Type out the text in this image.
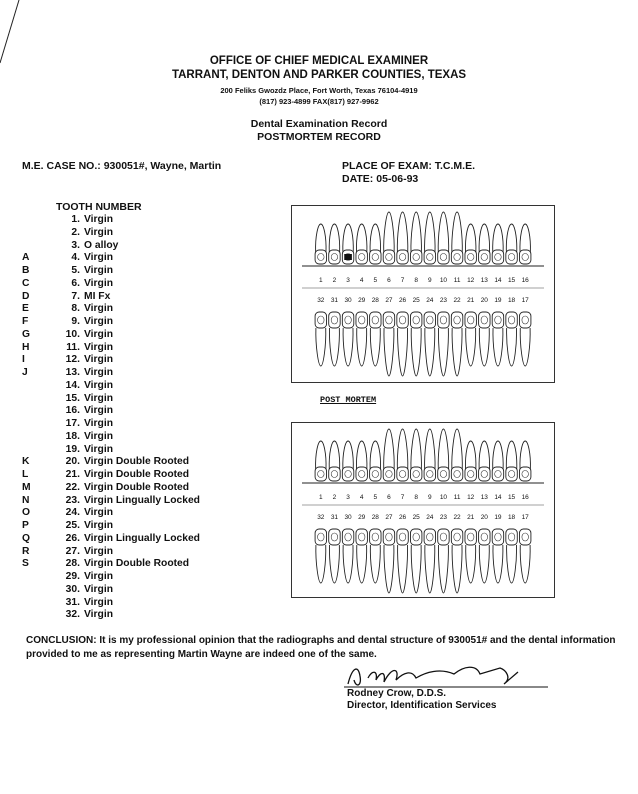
OFFICE OF CHIEF MEDICAL EXAMINER
TARRANT, DENTON AND PARKER COUNTIES, TEXAS
200 Feliks Gwozdz Place, Fort Worth, Texas 76104-4919
(817) 923-4899 FAX(817) 927-9962
Dental Examination Record
POSTMORTEM RECORD
M.E. CASE NO.: 930051#, Wayne, Martin	PLACE OF EXAM: T.C.M.E.
DATE: 05-06-93
TOOTH NUMBER
1. Virgin
2. Virgin
3. O alloy
A	4. Virgin
B	5. Virgin
C	6. Virgin
D	7. MI Fx
E	8. Virgin
F	9. Virgin
G	10. Virgin
H	11. Virgin
I	12. Virgin
J	13. Virgin
14. Virgin
15. Virgin
16. Virgin
17. Virgin
18. Virgin
19. Virgin
K	20. Virgin Double Rooted
L	21. Virgin Double Rooted
M	22. Virgin Double Rooted
N	23. Virgin Lingually Locked
O	24. Virgin
P	25. Virgin
Q	26. Virgin Lingually Locked
R	27. Virgin
S	28. Virgin Double Rooted
29. Virgin
30. Virgin
31. Virgin
32. Virgin
1 2 3 4 5 6 7 8 9 10 11 12 13 14 15 16
32 31 30 29 28 27 26 25 24 23 22 21 20 19 18 17
POST MORTEM
1 2 3 4 5 6 7 8 9 10 11 12 13 14 15 16
32 31 30 29 28 27 26 25 24 23 22 21 20 19 18 17
CONCLUSION: It is my professional opinion that the radiographs and dental structure of 930051# and the dental information provided to me as representing Martin Wayne are indeed one of the same.
Rodney Crow, D.D.S.
Director, Identification Services
